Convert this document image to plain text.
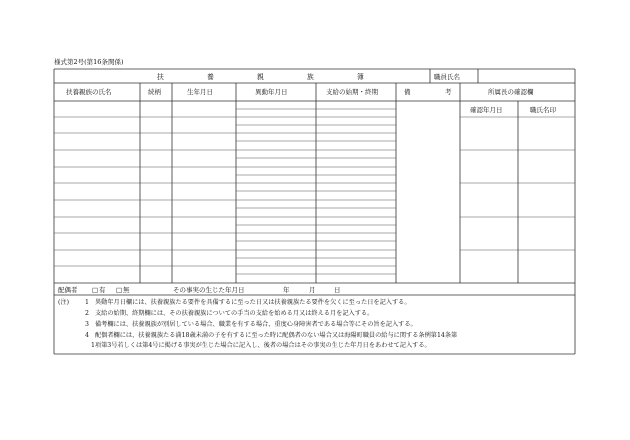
様式第2号(第16条関係)
扶	養	親	族	簿	職員氏名
扶養親族の氏名	続柄	生年月日	異動年月日	支給の始期・終期	備	考	所属長の確認欄
確認年月日	職氏名印
配偶者 □ 有 □ 無	その事実の生じた年月日	年	月	日
(注)	1 異動年月日欄には、扶養親族たる要件を具備するに至った日又は扶養親族たる要件を欠くに至った日を記入する。
2 支給の始期、終期欄には、その扶養親族についての手当の支給を始める月又は終える月を記入する。
3 備考欄には、扶養親族が別居している場合、職業を有する場合、重度心身障害者である場合等にその旨を記入する。
4 配偶者欄には、扶養親族たる満18歳未満の子を有するに至った時に配偶者のない場合又は海陽町職員の給与に関する条例第14条第
1項第3号若しくは第4号に掲げる事実が生じた場合に記入し、後者の場合はその事実の生じた年月日をあわせて記入する。
